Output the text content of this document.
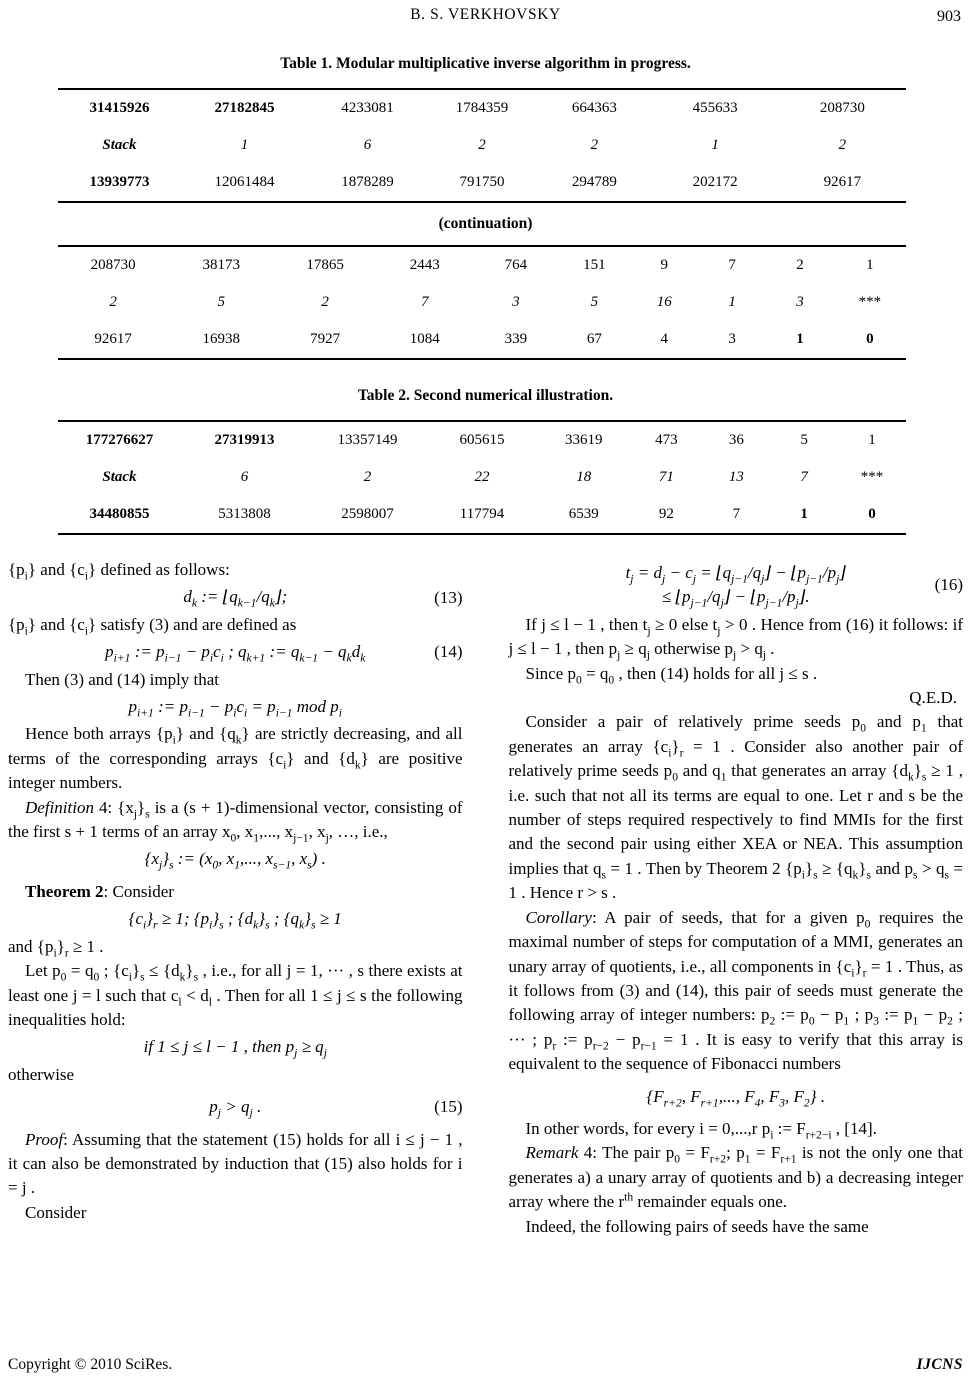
B. S. VERKHOVSKY	903
Table 1. Modular multiplicative inverse algorithm in progress.
31415926	27182845	4233081	1784359	664363	455633	208730
Stack	1	6	2	2	1	2
13939773	12061484	1878289	791750	294789	202172	92617
(continuation)
208730	38173	17865	2443	764	151	9	7	2	1
2	5	2	7	3	5	16	1	3	***
92617	16938	7927	1084	339	67	4	3	1	0
Table 2. Second numerical illustration.
177276627	27319913	13357149	605615	33619	473	36	5	1
Stack	6	2	22	18	71	13	7	***
34480855	5313808	2598007	117794	6539	92	7	1	0

$\{p_i\}$ and $\{c_i\}$ defined as follows:

$d_k$ := $⌊q_{k-1}/q_k⌋$;	(13)

$\{p_i\}$ and $\{c_i\}$ satisfy (3) and are defined as

$p_{i+1}$ := $p_{i-1} - p_ic_i$ ; $q_{k+1}$ := $q_{k-1} - q_kd_k$	(14)

Then (3) and (14) imply that

$p_{i+1}$ := $p_{i-1} - p_ic_i = p_{i-1}$ mod $p_i$

Hence both arrays $\{p_i\}$ and $\{q_k\}$ are strictly decreasing, and all terms of the corresponding arrays $\{c_i\}$ and $\{d_k\}$ are positive integer numbers.

Definition 4: $\{x_j\}_s$ is a (s + 1)-dimensional vector, consisting of the first s + 1 terms of an array $x_0$, $x_1$,..., $x_{j-1}$, $x_j$, …, i.e.,

$\{x_j\}_s$ := ($x_0$, $x_1$,..., $x_{s-1}$, $x_s$) .

Theorem 2: Consider

$\{c_i\}_r \ge 1$; $\{p_i\}_s$ ; $\{d_k\}_s$ ; $\{q_k\}_s \ge 1$

and $\{p_i\}_r \ge 1$ .

Let $p_0 = q_0$ ; $\{c_i\}_s \le \{d_k\}_s$ , i.e., for all j = 1, ··· , s there exists at least one j = l such that $c_l < d_l$ . Then for all 1 ≤ j ≤ s the following inequalities hold:

if 1 ≤ j ≤ l − 1 , then $p_j \ge q_j$

otherwise

$p_j > q_j$ .	(15)

Proof: Assuming that the statement (15) holds for all i ≤ j − 1 , it can also be demonstrated by induction that (15) also holds for i = j .

Consider

$t_j = d_j - c_j$ = $⌊q_{j-1}/q_j⌋$ − $⌊p_{j-1}/p_j⌋$
≤ $⌊p_{j-1}/q_j⌋$ − $⌊p_{j-1}/p_j⌋$.
(16)

If j ≤ l − 1 , then $t_j \ge 0$ else $t_j > 0$ . Hence from (16) it follows: if j ≤ l − 1 , then $p_j \ge q_j$ otherwise $p_j > q_j$ .

Since $p_0 = q_0$ , then (14) holds for all j ≤ s .

Q.E.D.

Consider a pair of relatively prime seeds $p_0$ and $p_1$ that generates an array $\{c_i\}_r = 1$ . Consider also another pair of relatively prime seeds $p_0$ and $q_1$ that generates an array $\{d_k\}_s \ge 1$ , i.e. such that not all its terms are equal to one. Let r and s be the number of steps required respectively to find MMIs for the first and the second pair using either XEA or NEA. This assumption implies that $q_s = 1$ . Then by Theorem 2 $\{p_i\}_s \ge \{q_k\}_s$ and $p_s > q_s = 1$ . Hence r > s .

Corollary: A pair of seeds, that for a given $p_0$ requires the maximal number of steps for computation of a MMI, generates an unary array of quotients, i.e., all components in $\{c_i\}_r = 1$ . Thus, as it follows from (3) and (14), this pair of seeds must generate the following array of integer numbers: $p_2$ := $p_0 - p_1$ ; $p_3$ := $p_1 - p_2$ ; ··· ; $p_r$ := $p_{r-2} - p_{r-1} = 1$ . It is easy to verify that this array is equivalent to the sequence of Fibonacci numbers

{$F_{r+2}$, $F_{r+1}$,..., $F_4$, $F_3$, $F_2$} .

In other words, for every i = 0,...,r $p_i$ := $F_{r+2-i}$ , [14].

Remark 4: The pair $p_0 = F_{r+2}$; $p_1 = F_{r+1}$ is not the only one that generates a) a unary array of quotients and b) a decreasing integer array where the $r^{th}$ remainder equals one.

Indeed, the following pairs of seeds have the same

Copyright © 2010 SciRes.	IJCNS
